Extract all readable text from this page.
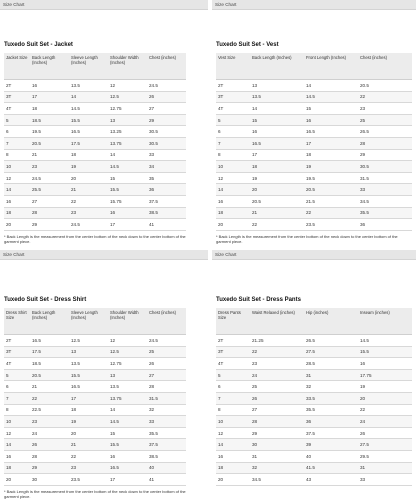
Size Chart
Tuxedo Suit Set - Jacket
Jacket Size	Back Length (Inches)	Sleeve Length (Inches)	Shoulder Width (Inches)	Chest (inches)
2T	16	13.5	12	24.5
3T	17	14	12.5	26
4T	18	14.5	12.75	27
5	18.5	15.5	13	29
6	19.5	16.5	13.25	30.5
7	20.5	17.5	13.75	30.5
8	21	18	14	33
10	23	19	14.5	34
12	24.5	20	15	35
14	25.5	21	15.5	36
16	27	22	15.75	37.5
18	28	23	16	38.5
20	29	24.5	17	41
* Back Length is the measurement from the center bottom of the neck down to the center bottom of the garment piece.
Size Chart
Tuxedo Suit Set - Vest
Vest Size	Back Length (Inches)	Front Length (Inches)	Chest (inches)
2T	13	14	20.5
3T	13.5	14.5	22
4T	14	15	23
5	15	16	25
6	16	16.5	26.5
7	16.5	17	28
8	17	18	29
10	18	19	30.5
12	19	19.5	31.5
14	20	20.5	33
16	20.5	21.5	34.5
18	21	22	35.5
20	22	23.5	36
* Back Length is the measurement from the center bottom of the neck down to the center bottom of the garment piece.
Size Chart
Tuxedo Suit Set - Dress Shirt
Dress Shirt Size	Back Length (Inches)	Sleeve Length (Inches)	Shoulder Width (Inches)	Chest (inches)
2T	16.5	12.5	12	24.5
3T	17.5	13	12.5	25
4T	18.5	13.5	12.75	26
5	20.5	15.5	13	27
6	21	16.5	13.5	28
7	22	17	13.75	31.5
8	22.5	18	14	32
10	23	19	14.5	33
12	24	20	15	35.5
14	26	21	15.5	37.5
16	28	22	16	38.5
18	29	23	16.5	40
20	30	23.5	17	41
* Back Length is the measurement from the center bottom of the neck down to the center bottom of the garment piece.
Size Chart
Tuxedo Suit Set - Dress Pants
Dress Pants Size	Waist Relaxed (inches)	Hip (inches)	Inseam (inches)
2T	21.25	26.5	14.5
3T	22	27.5	15.5
4T	23	28.5	16
5	24	31	17.75
6	25	32	19
7	26	33.5	20
8	27	35.5	22
10	28	36	24
12	29	37.5	26
14	30	39	27.5
16	31	40	29.5
18	32	41.5	31
20	34.5	43	33
